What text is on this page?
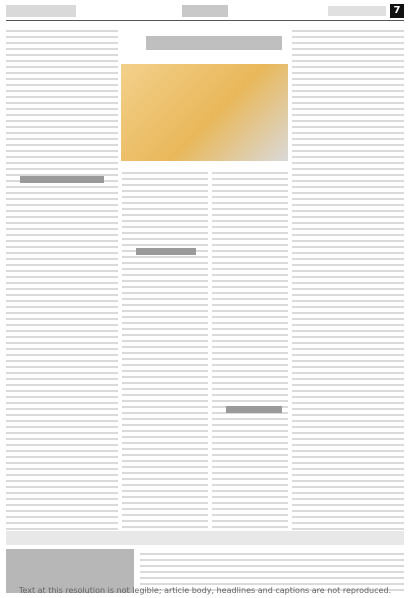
7
Text at this resolution is not legible; article body, headlines and captions are not reproduced.
